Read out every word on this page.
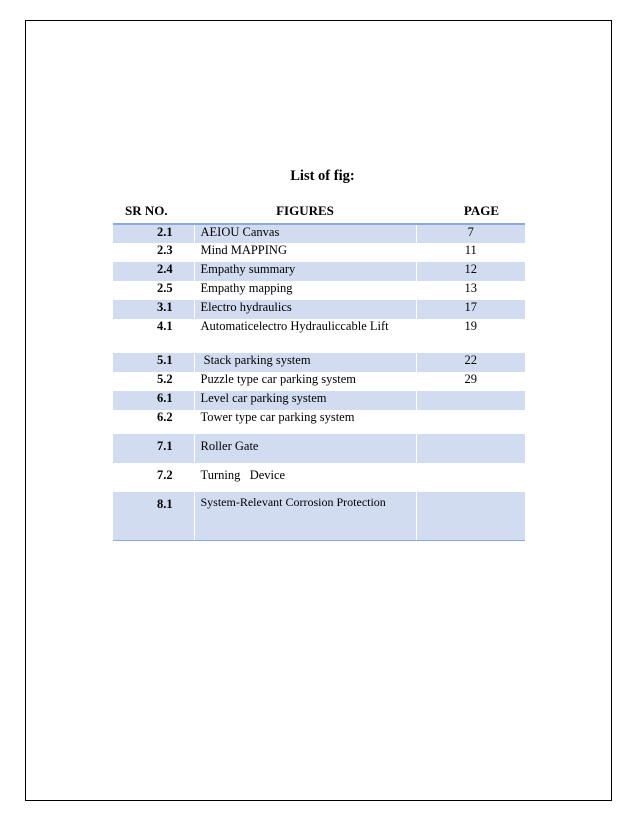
List of fig:
SR NO.	FIGURES	PAGE
2.1	AEIOU Canvas	7
2.3	Mind MAPPING	11
2.4	Empathy summary	12
2.5	Empathy mapping	13
3.1	Electro hydraulics	17
4.1	Automaticelectro Hydrauliccable Lift	19
5.1	Stack parking system	22
5.2	Puzzle type car parking system	29
6.1	Level car parking system	
6.2	Tower type car parking system	
7.1	Roller Gate	
7.2	Turning   Device	
8.1	System-Relevant Corrosion Protection	
